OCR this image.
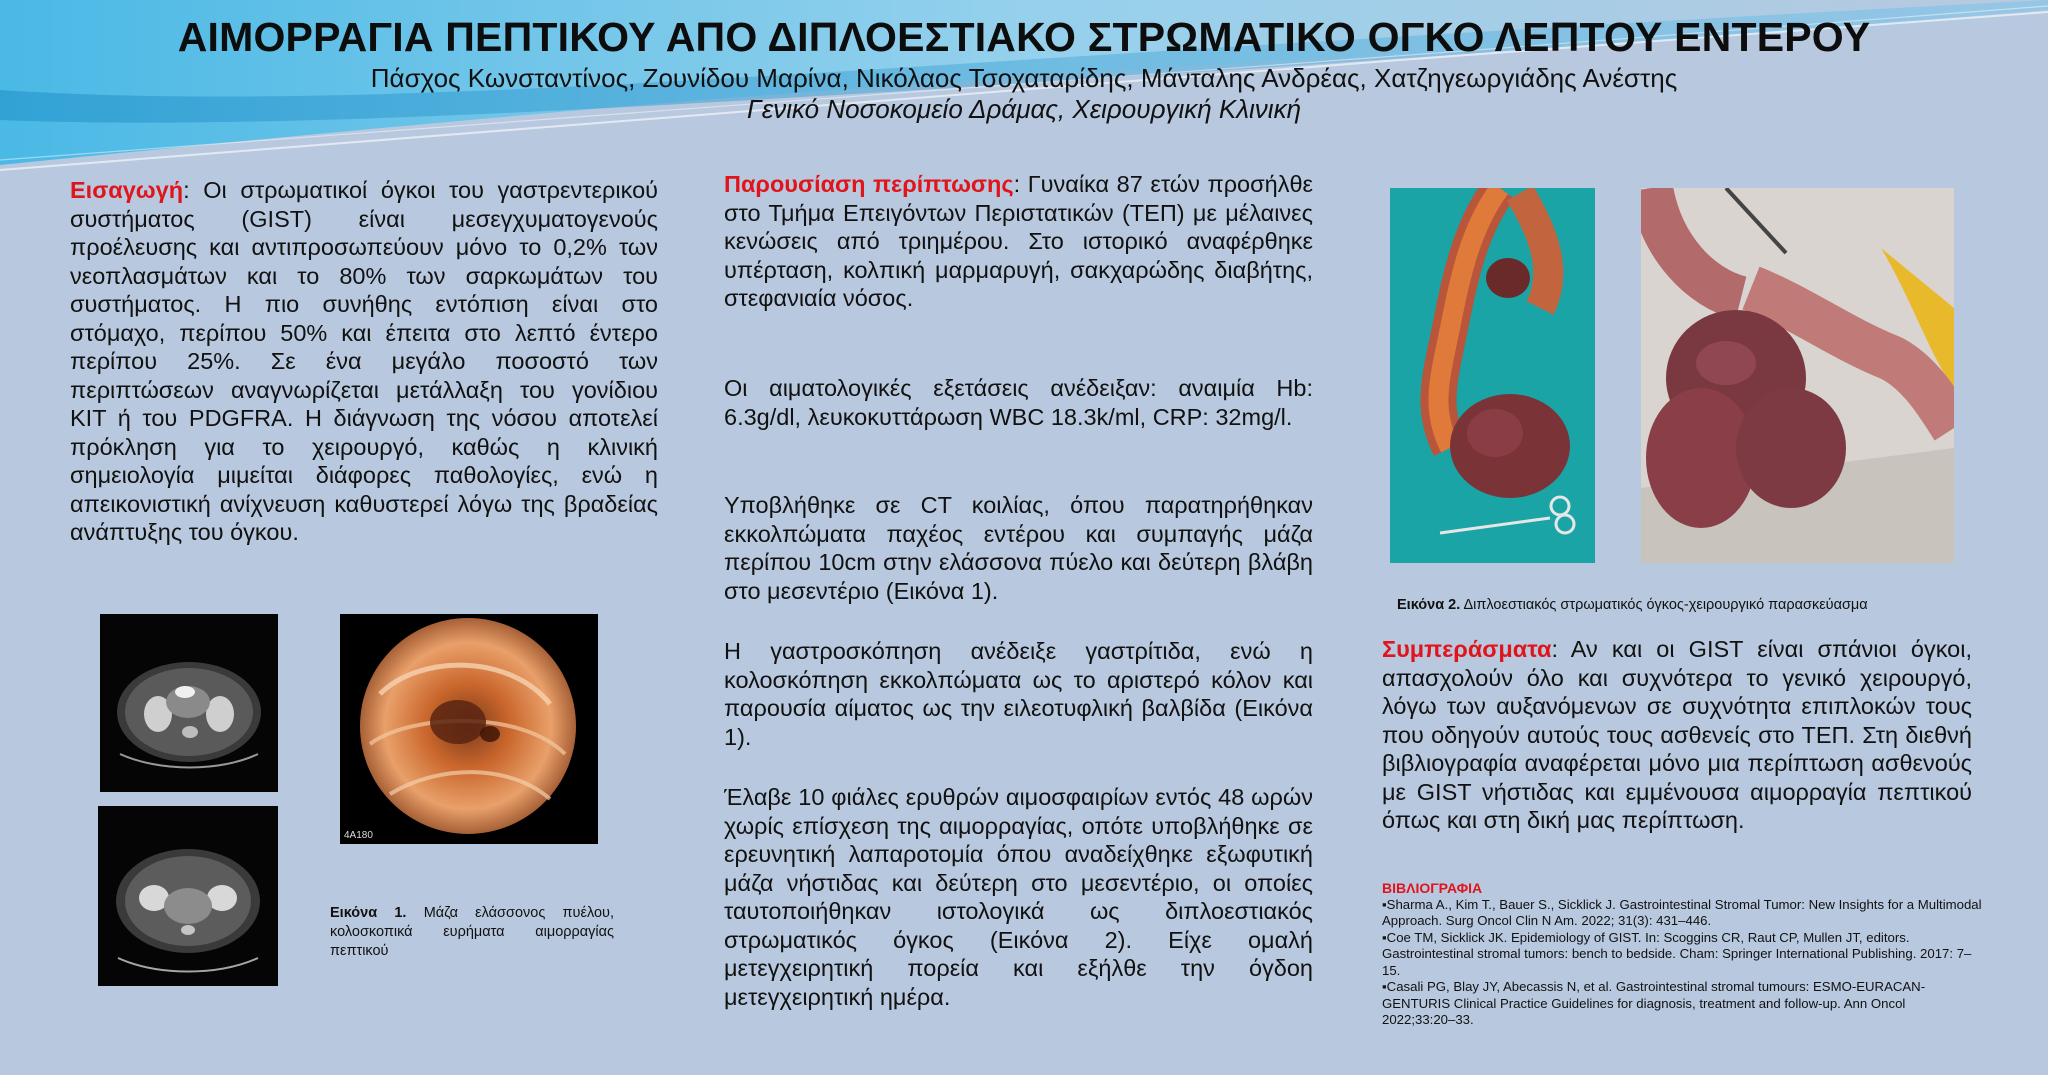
ΑΙΜΟΡΡΑΓΙΑ ΠΕΠΤΙΚΟΥ ΑΠΟ ΔΙΠΛΟΕΣΤΙΑΚΟ ΣΤΡΩΜΑΤΙΚΟ ΟΓΚΟ ΛΕΠΤΟΥ ΕΝΤΕΡΟΥ
Πάσχος Κωνσταντίνος, Ζουνίδου Μαρίνα, Νικόλαος Τσοχαταρίδης, Μάνταλης Ανδρέας, Χατζηγεωργιάδης Ανέστης
Γενικό Νοσοκομείο Δράμας, Χειρουργική Κλινική
Εισαγωγή: Οι στρωματικοί όγκοι του γαστρεντερικού συστήματος (GIST) είναι μεσεγχυματογενούς προέλευσης και αντιπροσωπεύουν μόνο το 0,2% των νεοπλασμάτων και το 80% των σαρκωμάτων του συστήματος. Η πιο συνήθης εντόπιση είναι στο στόμαχο, περίπου 50% και έπειτα στο λεπτό έντερο περίπου 25%. Σε ένα μεγάλο ποσοστό των περιπτώσεων αναγνωρίζεται μετάλλαξη του γονίδιου KIT ή του PDGFRA. Η διάγνωση της νόσου αποτελεί πρόκληση για το χειρουργό, καθώς η κλινική σημειολογία μιμείται διάφορες παθολογίες, ενώ η απεικονιστική ανίχνευση καθυστερεί λόγω της βραδείας ανάπτυξης του όγκου.
4A180
Εικόνα 1. Μάζα ελάσσονος πυέλου, κολοσκοπικά ευρήματα αιμορραγίας πεπτικού
Παρουσίαση περίπτωσης: Γυναίκα 87 ετών προσήλθε στο Τμήμα Επειγόντων Περιστατικών (ΤΕΠ) με μέλαινες κενώσεις από τριημέρου. Στο ιστορικό αναφέρθηκε υπέρταση, κολπική μαρμαρυγή, σακχαρώδης διαβήτης, στεφανιαία νόσος.
Οι αιματολογικές εξετάσεις ανέδειξαν: αναιμία Hb: 6.3g/dl, λευκοκυττάρωση WBC 18.3k/ml, CRP: 32mg/l.
Υποβλήθηκε σε CT κοιλίας, όπου παρατηρήθηκαν εκκολπώματα παχέος εντέρου και συμπαγής μάζα περίπου 10cm στην ελάσσονα πύελο και δεύτερη βλάβη στο μεσεντέριο (Εικόνα 1).
Η γαστροσκόπηση ανέδειξε γαστρίτιδα, ενώ η κολοσκόπηση εκκολπώματα ως το αριστερό κόλον και παρουσία αίματος ως την ειλεοτυφλική βαλβίδα (Εικόνα 1).
Έλαβε 10 φιάλες ερυθρών αιμοσφαιρίων εντός 48 ωρών χωρίς επίσχεση της αιμορραγίας, οπότε υποβλήθηκε σε ερευνητική λαπαροτομία όπου αναδείχθηκε εξωφυτική μάζα νήστιδας και δεύτερη στο μεσεντέριο, οι οποίες ταυτοποιήθηκαν ιστολογικά ως διπλοεστιακός στρωματικός όγκος (Εικόνα 2). Είχε ομαλή μετεγχειρητική πορεία και εξήλθε την όγδοη μετεγχειρητική ημέρα.
Εικόνα 2. Διπλοεστιακός στρωματικός όγκος-χειρουργικό παρασκεύασμα
Συμπεράσματα: Αν και οι GIST είναι σπάνιοι όγκοι, απασχολούν όλο και συχνότερα το γενικό χειρουργό, λόγω των αυξανόμενων σε συχνότητα επιπλοκών τους που οδηγούν αυτούς τους ασθενείς στο ΤΕΠ. Στη διεθνή βιβλιογραφία αναφέρεται μόνο μια περίπτωση ασθενούς με GIST νήστιδας και εμμένουσα αιμορραγία πεπτικού όπως και στη δική μας περίπτωση.
ΒΙΒΛΙΟΓΡΑΦΙΑ
▪Sharma A., Kim T., Bauer S., Sicklick J. Gastrointestinal Stromal Tumor: New Insights for a Multimodal Approach. Surg Oncol Clin N Am. 2022; 31(3): 431–446.
▪Coe TM, Sicklick JK. Epidemiology of GIST. In: Scoggins CR, Raut CP, Mullen JT, editors. Gastrointestinal stromal tumors: bench to bedside. Cham: Springer International Publishing. 2017: 7–15.
▪Casali PG, Blay JY, Abecassis N, et al. Gastrointestinal stromal tumours: ESMO-EURACAN-GENTURIS Clinical Practice Guidelines for diagnosis, treatment and follow-up. Ann Oncol 2022;33:20–33.
